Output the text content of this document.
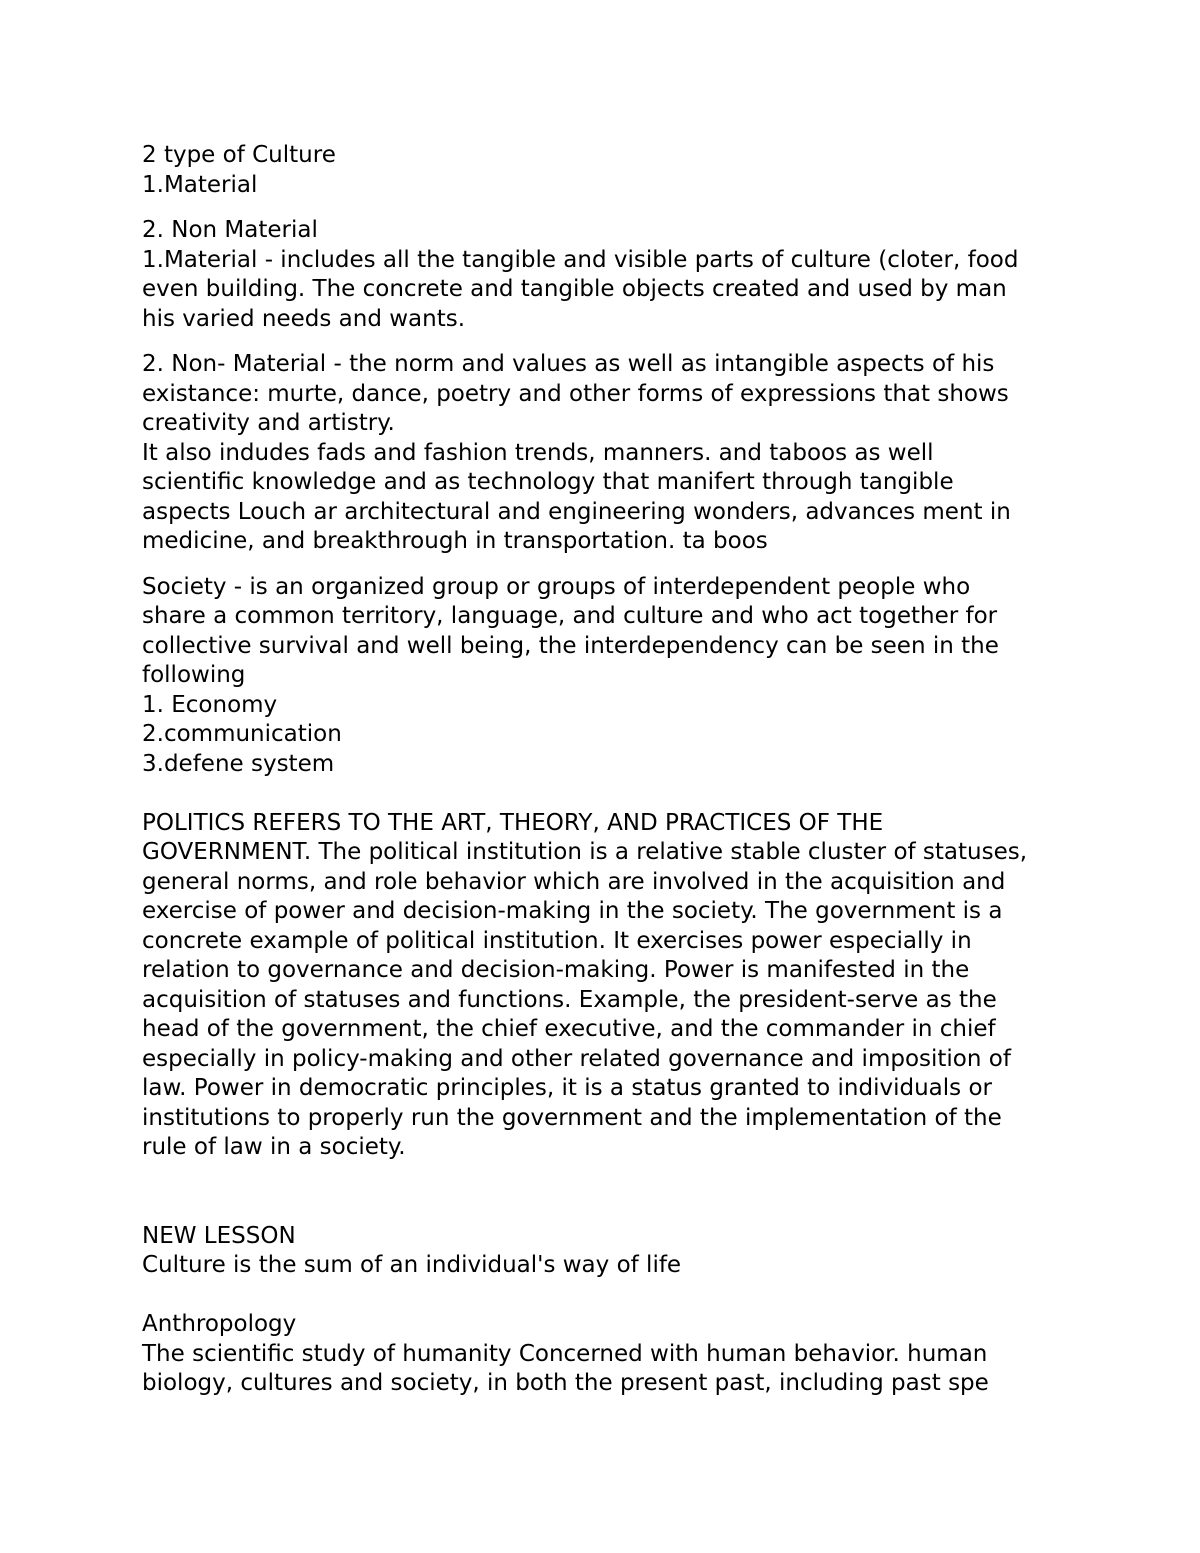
2 type of Culture
1.Material
2. Non Material
1.Material - includes all the tangible and visible parts of culture (cloter, food
even building. The concrete and tangible objects created and used by man
his varied needs and wants.
2. Non- Material - the norm and values as well as intangible aspects of his
existance: murte, dance, poetry and other forms of expressions that shows
creativity and artistry.
It also indudes fads and fashion trends, manners. and taboos as well
scientific knowledge and as technology that manifert through tangible
aspects Louch ar architectural and engineering wonders, advances ment in
medicine, and breakthrough in transportation. ta boos
Society - is an organized group or groups of interdependent people who
share a common territory, language, and culture and who act together for
collective survival and well being, the interdependency can be seen in the
following
1. Economy
2.communication
3.defene system
POLITICS REFERS TO THE ART, THEORY, AND PRACTICES OF THE
GOVERNMENT. The political institution is a relative stable cluster of statuses,
general norms, and role behavior which are involved in the acquisition and
exercise of power and decision-making in the society. The government is a
concrete example of political institution. It exercises power especially in
relation to governance and decision-making. Power is manifested in the
acquisition of statuses and functions. Example, the president-serve as the
head of the government, the chief executive, and the commander in chief
especially in policy-making and other related governance and imposition of
law. Power in democratic principles, it is a status granted to individuals or
institutions to properly run the government and the implementation of the
rule of law in a society.
NEW LESSON
Culture is the sum of an individual's way of life
Anthropology
The scientific study of humanity Concerned with human behavior. human
biology, cultures and society, in both the present past, including past spe
